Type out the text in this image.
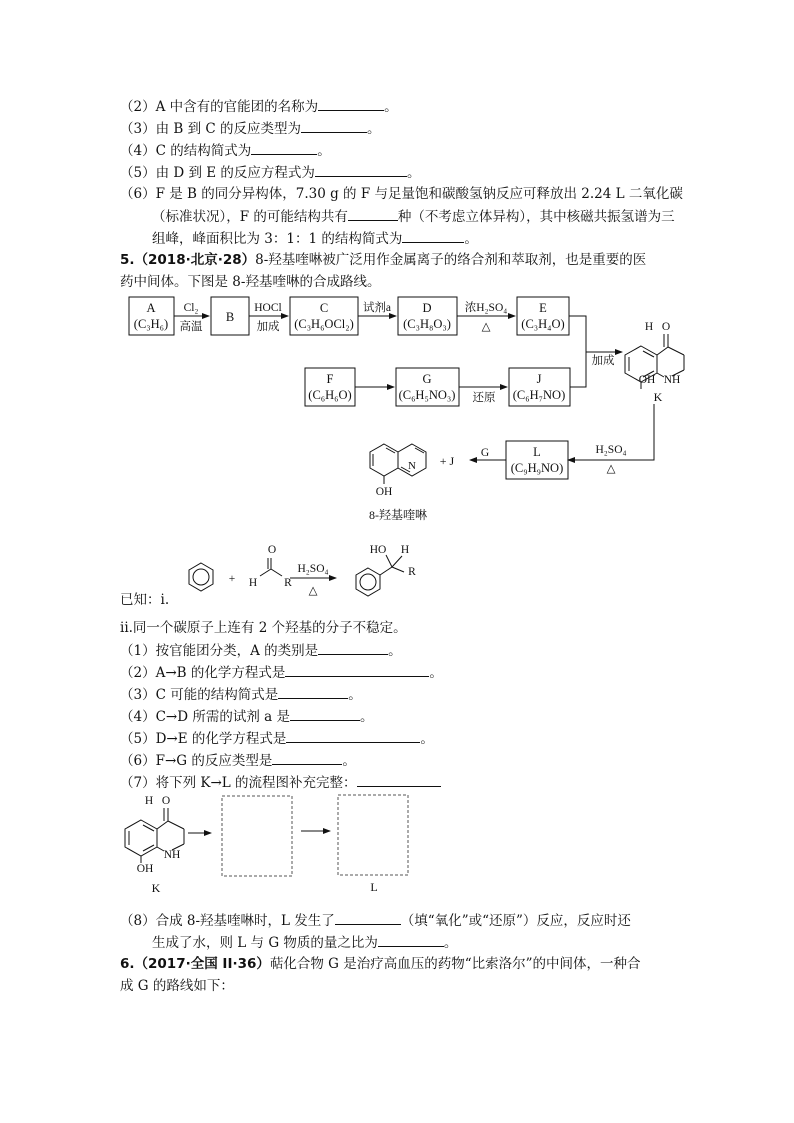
（2）A 中含有的官能团的名称为	。
（3）由 B 到 C 的反应类型为	。
（4）C 的结构简式为	。
（5）由 D 到 E 的反应方程式为	。
（6）F 是 B 的同分异构体，7.30 g 的 F 与足量饱和碳酸氢钠反应可释放出 2.24 L 二氧化碳
（标准状况），F 的可能结构共有	种（不考虑立体异构），其中核磁共振氢谱为三
组峰，峰面积比为 3：1：1 的结构简式为	。
5.（2018·北京·28）8-羟基喹啉被广泛用作金属离子的络合剂和萃取剂，也是重要的医
药中间体。下图是 8-羟基喹啉的合成路线。
A
(C₃H₆)	B
C
(C₃H₆OCl₂)
D
(C₃H₈O₃)
E
(C₃H₄O)
F
(C₆H₆O)
G
(C₆H₅NO₃)
J
(C₆H₇NO)
L
(C₉H₉NO)
Cl₂
高温
HOCl
加成
试剂a	浓H₂SO₄
△
加成
还原
H₂SO₄
△
G
+ J
H O
OH NH
K
N
OH
8-羟基喹啉
+
O
H R
H₂SO₄
△
HO H
R
已知：i.
ii.同一个碳原子上连有 2 个羟基的分子不稳定。
（1）按官能团分类，A 的类别是	。
（2）A→B 的化学方程式是	。
（3）C 可能的结构简式是	。
（4）C→D 所需的试剂 a 是	。
（5）D→E 的化学方程式是	。
（6）F→G 的反应类型是	。
（7）将下列 K→L 的流程图补充完整：
H O
OH
NH
K	L
（8）合成 8-羟基喹啉时，L 发生了	（填“氧化”或“还原”）反应，反应时还
生成了水，则 L 与 G 物质的量之比为	。
6.（2017·全国 II·36）萜化合物 G 是治疗高血压的药物“比索洛尔”的中间体，一种合
成 G 的路线如下：
